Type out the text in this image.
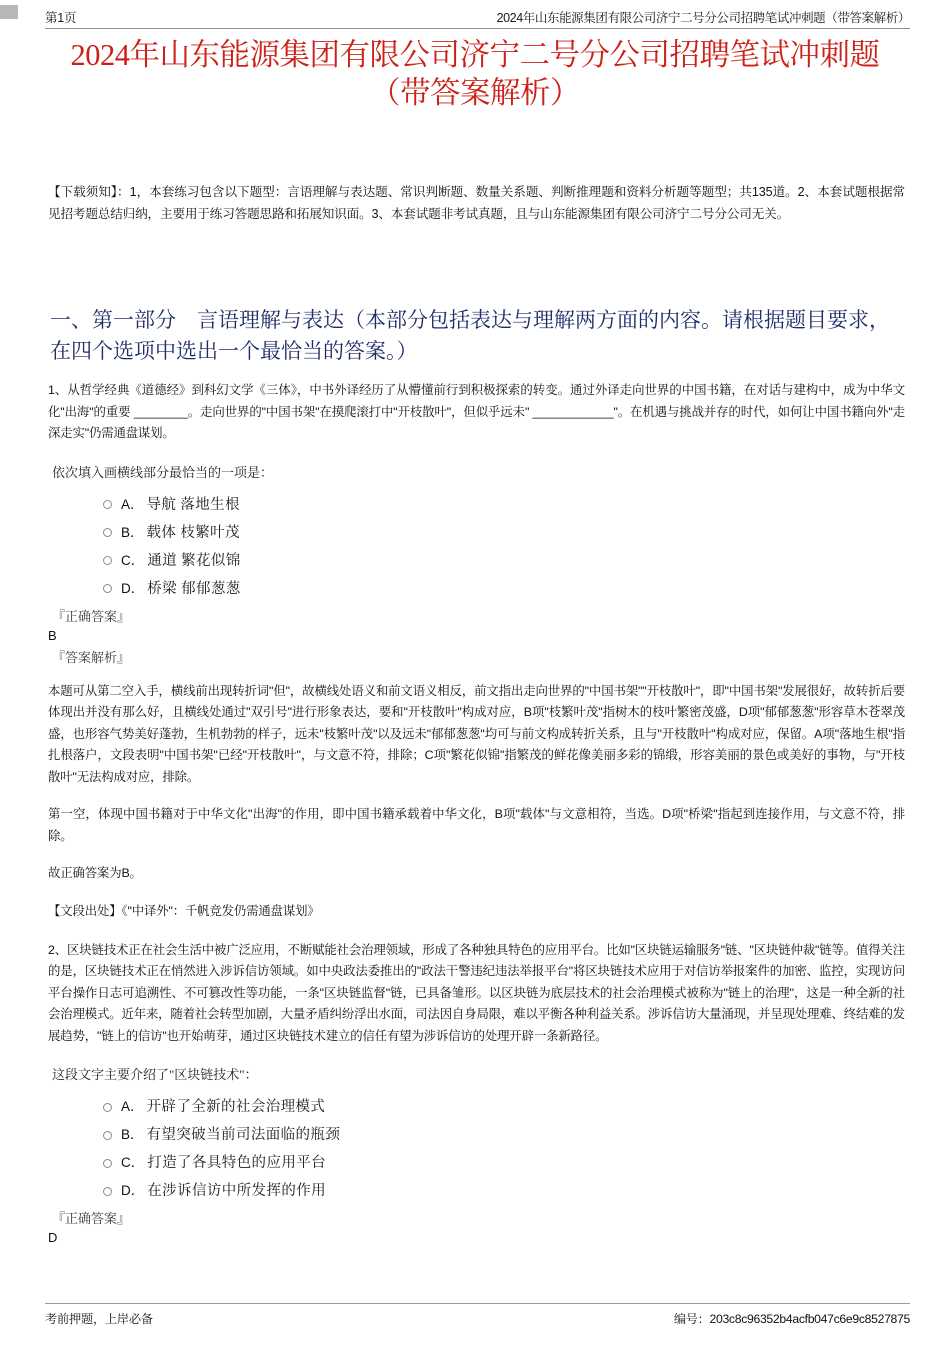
第1页	2024年山东能源集团有限公司济宁二号分公司招聘笔试冲刺题（带答案解析）
2024年山东能源集团有限公司济宁二号分公司招聘笔试冲刺题
（带答案解析）
【下载须知】：1，本套练习包含以下题型：言语理解与表达题、常识判断题、数量关系题、判断推理题和资料分析题等题型；共135道。2、本套试题根据常见招考题总结归纳，主要用于练习答题思路和拓展知识面。3、本套试题非考试真题，且与山东能源集团有限公司济宁二号分公司无关。
一、第一部分　言语理解与表达（本部分包括表达与理解两方面的内容。请根据题目要求，在四个选项中选出一个最恰当的答案。）

1、从哲学经典《道德经》到科幻文学《三体》，中书外译经历了从懵懂前行到积极探索的转变。通过外译走向世界的中国书籍，在对话与建构中，成为中华文化"出海"的重要 ________。走向世界的"中国书架"在摸爬滚打中"开枝散叶"，但似乎远未" ____________"。在机遇与挑战并存的时代，如何让中国书籍向外"走深走实"仍需通盘谋划。

依次填入画横线部分最恰当的一项是：

A． 导航 落地生根
B． 载体 枝繁叶茂
C． 通道 繁花似锦
D． 桥梁 郁郁葱葱
『正确答案』
B
『答案解析』

本题可从第二空入手，横线前出现转折词"但"，故横线处语义和前文语义相反，前文指出走向世界的"中国书架""开枝散叶"，即"中国书架"发展很好，故转折后要体现出并没有那么好，且横线处通过"双引号"进行形象表达，要和"开枝散叶"构成对应，B项"枝繁叶茂"指树木的枝叶繁密茂盛，D项"郁郁葱葱"形容草木苍翠茂盛，也形容气势美好蓬勃，生机勃勃的样子，远未"枝繁叶茂"以及远未"郁郁葱葱"均可与前文构成转折关系，且与"开枝散叶"构成对应，保留。A项"落地生根"指扎根落户，文段表明"中国书架"已经"开枝散叶"，与文意不符，排除；C项"繁花似锦"指繁茂的鲜花像美丽多彩的锦缎，形容美丽的景色或美好的事物，与"开枝散叶"无法构成对应，排除。

第一空，体现中国书籍对于中华文化"出海"的作用，即中国书籍承载着中华文化，B项"载体"与文意相符，当选。D项"桥梁"指起到连接作用，与文意不符，排除。

故正确答案为B。

【文段出处】《"中译外"：千帆竞发仍需通盘谋划》

2、区块链技术正在社会生活中被广泛应用，不断赋能社会治理领域，形成了各种独具特色的应用平台。比如"区块链运输服务"链、"区块链仲裁"链等。值得关注的是，区块链技术正在悄然进入涉诉信访领域。如中央政法委推出的"政法干警违纪违法举报平台"将区块链技术应用于对信访举报案件的加密、监控，实现访问平台操作日志可追溯性、不可篡改性等功能，一条"区块链监督"链，已具备雏形。以区块链为底层技术的社会治理模式被称为"链上的治理"，这是一种全新的社会治理模式。近年来，随着社会转型加剧，大量矛盾纠纷浮出水面，司法因自身局限，难以平衡各种利益关系。涉诉信访大量涌现，并呈现处理难、终结难的发展趋势，"链上的信访"也开始萌芽，通过区块链技术建立的信任有望为涉诉信访的处理开辟一条新路径。

这段文字主要介绍了"区块链技术"：

A． 开辟了全新的社会治理模式
B． 有望突破当前司法面临的瓶颈
C． 打造了各具特色的应用平台
D． 在涉诉信访中所发挥的作用
『正确答案』
D
考前押题，上岸必备	编号：203c8c96352b4acfb047c6e9c8527875
